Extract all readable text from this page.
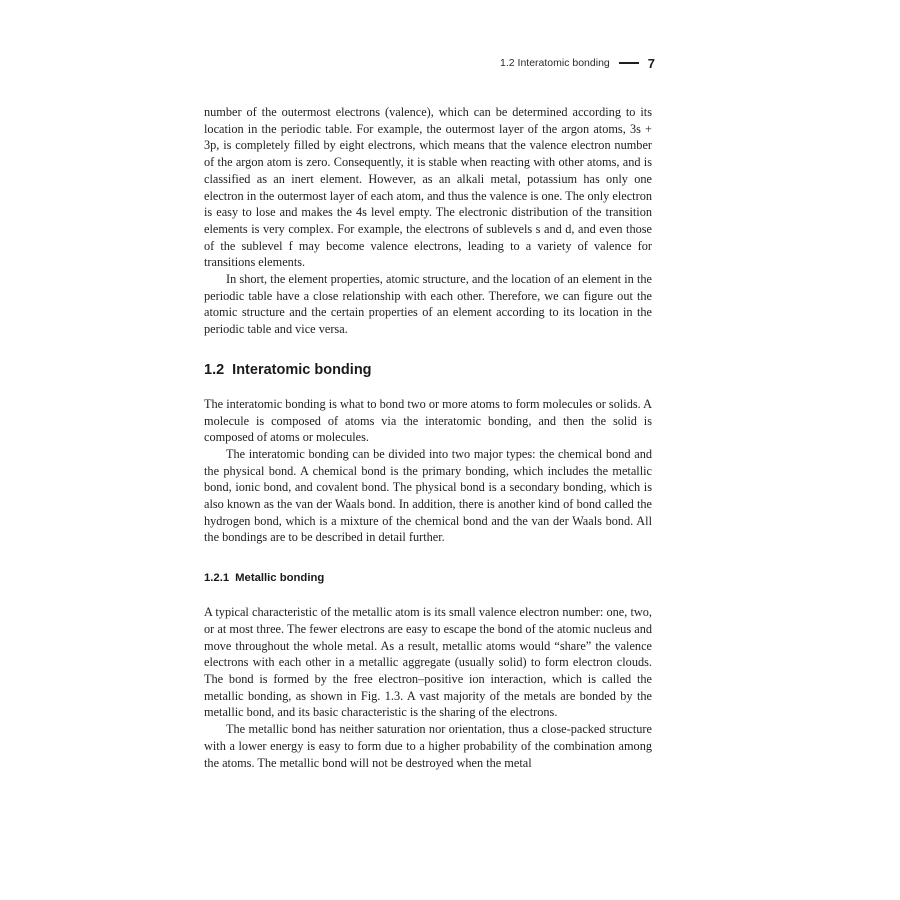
1.2 Interatomic bonding	7

number of the outermost electrons (valence), which can be determined according to its location in the periodic table. For example, the outermost layer of the argon atoms, 3s + 3p, is completely filled by eight electrons, which means that the valence electron number of the argon atom is zero. Consequently, it is stable when reacting with other atoms, and is classified as an inert element. However, as an alkali metal, potassium has only one electron in the outermost layer of each atom, and thus the valence is one. The only electron is easy to lose and makes the 4s level empty. The electronic distribution of the transition elements is very complex. For example, the electrons of sublevels s and d, and even those of the sublevel f may become valence electrons, leading to a variety of valence for transitions elements.

In short, the element properties, atomic structure, and the location of an element in the periodic table have a close relationship with each other. Therefore, we can figure out the atomic structure and the certain properties of an element according to its location in the periodic table and vice versa.

1.2 Interatomic bonding

The interatomic bonding is what to bond two or more atoms to form molecules or solids. A molecule is composed of atoms via the interatomic bonding, and then the solid is composed of atoms or molecules.

The interatomic bonding can be divided into two major types: the chemical bond and the physical bond. A chemical bond is the primary bonding, which includes the metallic bond, ionic bond, and covalent bond. The physical bond is a secondary bonding, which is also known as the van der Waals bond. In addition, there is another kind of bond called the hydrogen bond, which is a mixture of the chemical bond and the van der Waals bond. All the bondings are to be described in detail further.

1.2.1 Metallic bonding

A typical characteristic of the metallic atom is its small valence electron number: one, two, or at most three. The fewer electrons are easy to escape the bond of the atomic nucleus and move throughout the whole metal. As a result, metallic atoms would “share” the valence electrons with each other in a metallic aggregate (usually solid) to form electron clouds. The bond is formed by the free electron–positive ion interaction, which is called the metallic bonding, as shown in Fig. 1.3. A vast majority of the metals are bonded by the metallic bond, and its basic characteristic is the sharing of the electrons.

The metallic bond has neither saturation nor orientation, thus a close-packed structure with a lower energy is easy to form due to a higher probability of the combination among the atoms. The metallic bond will not be destroyed when the metal
